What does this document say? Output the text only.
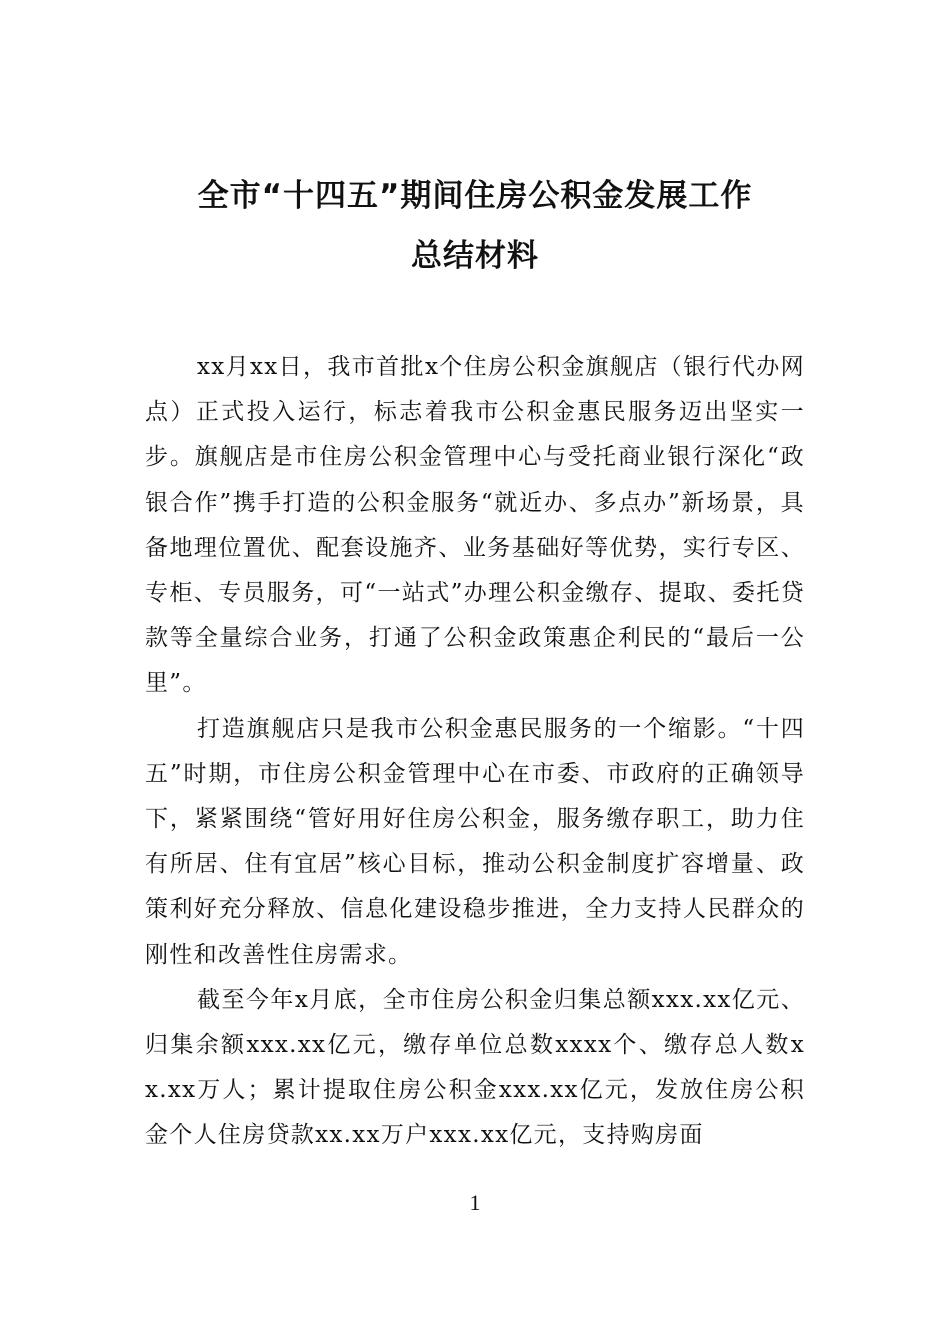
全市“十四五”期间住房公积金发展工作
总结材料

xx月xx日，我市首批x个住房公积金旗舰店（银行代办网点）正式投入运行，标志着我市公积金惠民服务迈出坚实一步。旗舰店是市住房公积金管理中心与受托商业银行深化“政银合作”携手打造的公积金服务“就近办、多点办”新场景，具备地理位置优、配套设施齐、业务基础好等优势，实行专区、专柜、专员服务，可“一站式”办理公积金缴存、提取、委托贷款等全量综合业务，打通了公积金政策惠企利民的“最后一公里”。

打造旗舰店只是我市公积金惠民服务的一个缩影。“十四五”时期，市住房公积金管理中心在市委、市政府的正确领导下，紧紧围绕“管好用好住房公积金，服务缴存职工，助力住有所居、住有宜居”核心目标，推动公积金制度扩容增量、政策利好充分释放、信息化建设稳步推进，全力支持人民群众的刚性和改善性住房需求。

截至今年x月底，全市住房公积金归集总额xxx.xx亿元、归集余额xxx.xx亿元，缴存单位总数xxxx个、缴存总人数xx.xx万人；累计提取住房公积金xxx.xx亿元，发放住房公积金个人住房贷款xx.xx万户xxx.xx亿元，支持购房面

1
